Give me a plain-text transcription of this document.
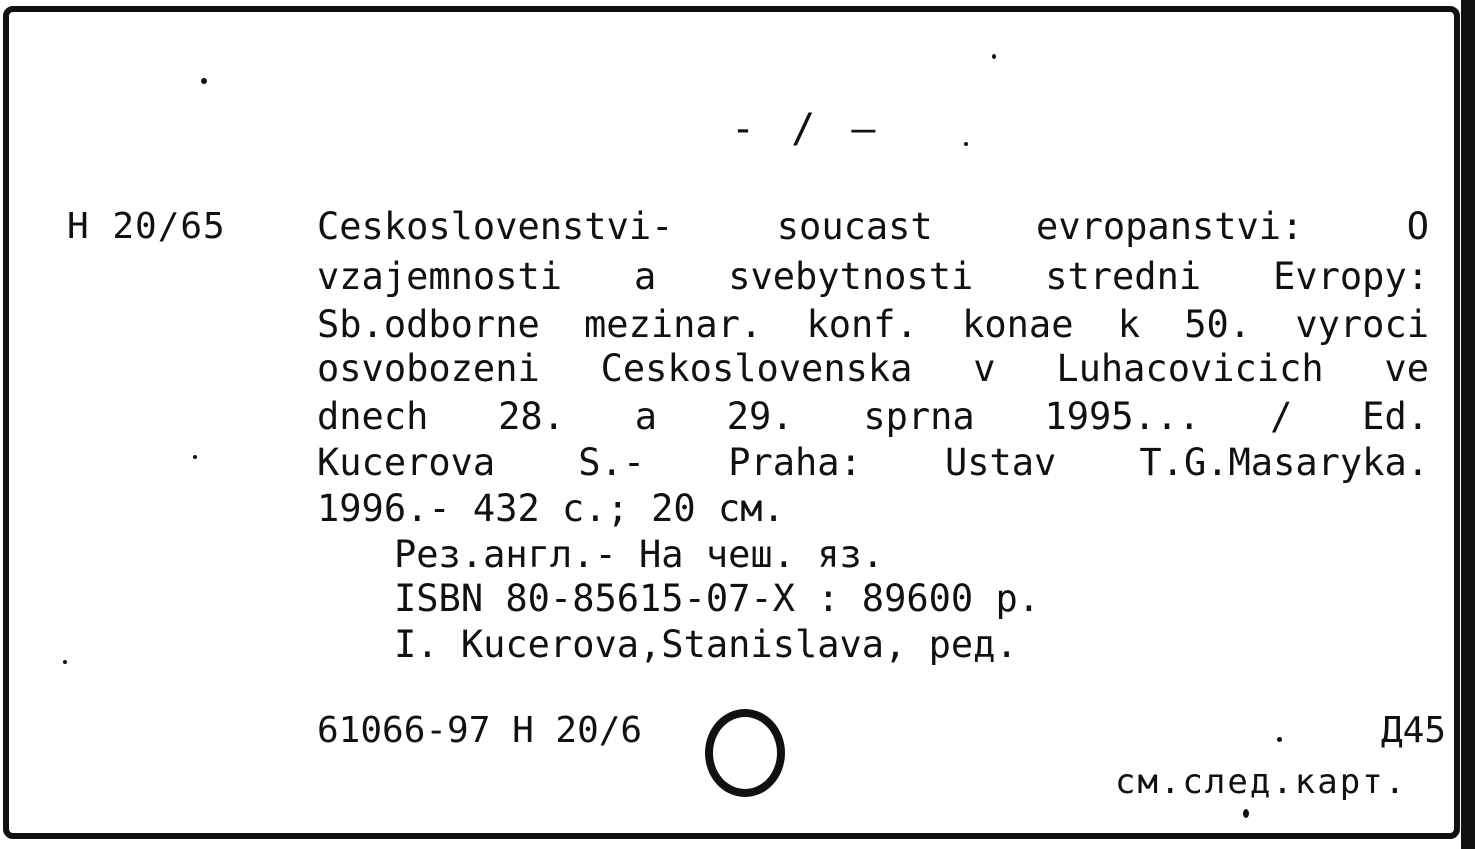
- / —
H 20/65 Ceskoslovenstvi- soucast evropanstvi: O
vzajemnosti a svebytnosti stredni Evropy:
Sb.odborne mezinar. konf. konae k 50. vyroci
osvobozeni Ceskoslovenska v Luhacovicich ve
dnech 28. a 29. sprna 1995... / Ed.
Kucerova S.- Praha: Ustav T.G.Masaryka.
1996.- 432 c.; 20 см.
Рез.англ.- На чеш. яз.
ISBN 80-85615-07-X : 89600 p.
I. Kucerova,Stanislava, ред.
61066-97 H 20/6	Д45
см.след.карт.
